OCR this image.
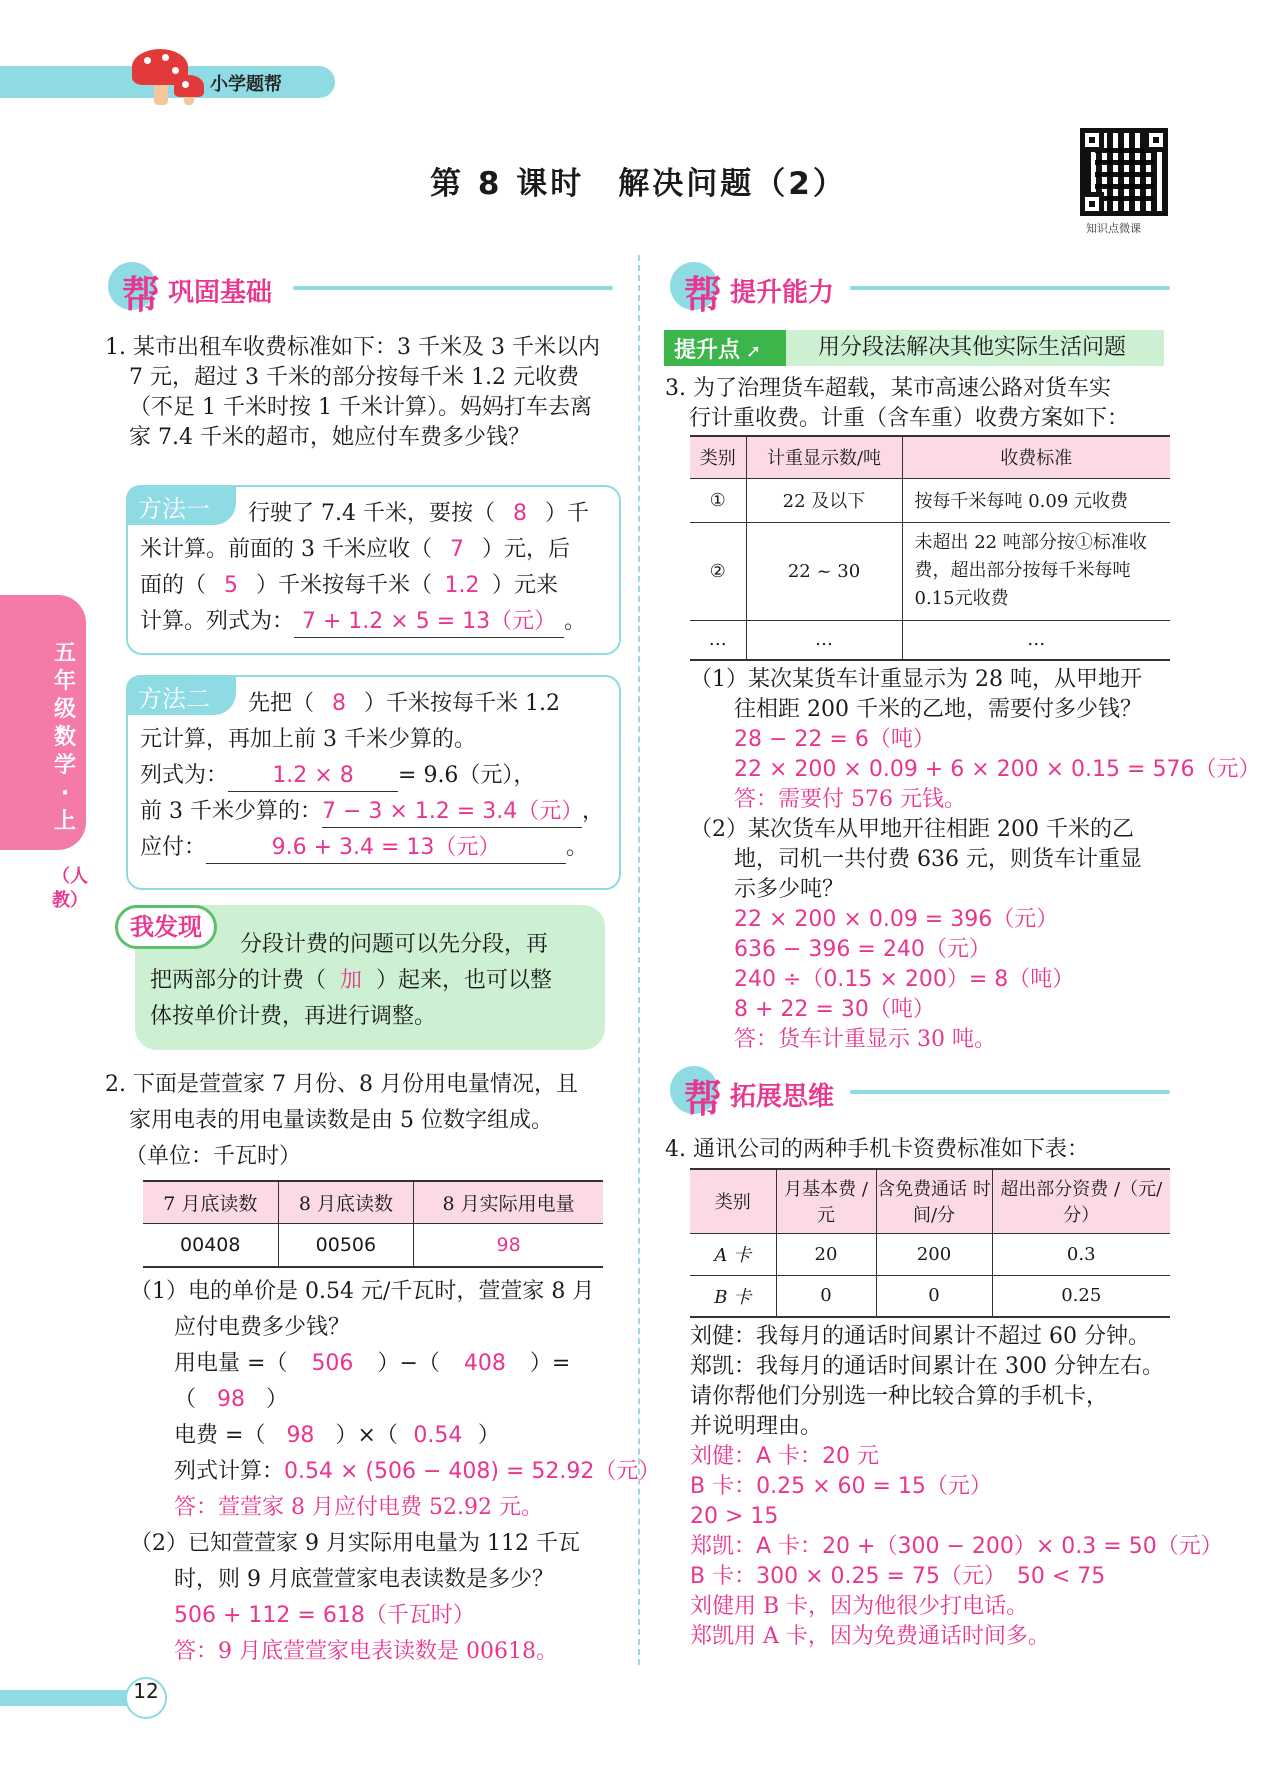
小学题帮
第 8 课时　解决问题（2）
知识点微课
五年级数学·上
（人教）
帮 巩固基础
1. 某市出租车收费标准如下：3 千米及 3 千米以内
7 元，超过 3 千米的部分按每千米 1.2 元收费
（不足 1 千米时按 1 千米计算）。妈妈打车去离
家 7.4 千米的超市，她应付车费多少钱？
方法一	行驶了 7.4 千米，要按（ 8 ）千
米计算。前面的 3 千米应收（ 7 ）元，后
面的（ 5 ）千米按每千米（ 1.2 ）元来
计算。列式为： 7 + 1.2 × 5 = 13（元） 。
方法二	先把（ 8 ）千米按每千米 1.2
元计算，再加上前 3 千米少算的。
列式为： 1.2 × 8 = 9.6（元），
前 3 千米少算的：7 − 3 × 1.2 = 3.4（元），
应付：	9.6 + 3.4 = 13（元）	。
我发现
分段计费的问题可以先分段，再
把两部分的计费（ 加 ）起来，也可以整
体按单价计费，再进行调整。
2. 下面是萱萱家 7 月份、8 月份用电量情况，且
家用电表的用电量读数是由 5 位数字组成。
（单位：千瓦时）
7 月底读数	8 月底读数	8 月实际用电量
00408	00506	98
（1）电的单价是 0.54 元/千瓦时，萱萱家 8 月
应付电费多少钱？
用电量 =（ 506 ）−（ 408 ）=
（ 98 ）
电费 =（ 98 ）×（ 0.54 ）
列式计算：0.54 × (506 − 408) = 52.92（元）
答：萱萱家 8 月应付电费 52.92 元。
（2）已知萱萱家 9 月实际用电量为 112 千瓦
时，则 9 月底萱萱家电表读数是多少？
506 + 112 = 618（千瓦时）
答：9 月底萱萱家电表读数是 00618。
帮 提升能力
提升点 ➚	用分段法解决其他实际生活问题
3. 为了治理货车超载，某市高速公路对货车实
行计重收费。计重（含车重）收费方案如下：
类别	计重显示数/吨	收费标准
①	22 及以下	按每千米每吨 0.09 元收费
②	22 ~ 30	未超出 22 吨部分按①标准收费，超出部分按每千米每吨 0.15元收费
…	…	…
（1）某次某货车计重显示为 28 吨，从甲地开
往相距 200 千米的乙地，需要付多少钱？
28 − 22 = 6（吨）
22 × 200 × 0.09 + 6 × 200 × 0.15 = 576（元）
答：需要付 576 元钱。
（2）某次货车从甲地开往相距 200 千米的乙
地，司机一共付费 636 元，则货车计重显
示多少吨？
22 × 200 × 0.09 = 396（元）
636 − 396 = 240（元）
240 ÷（0.15 × 200）= 8（吨）
8 + 22 = 30（吨）
答：货车计重显示 30 吨。
帮 拓展思维
4. 通讯公司的两种手机卡资费标准如下表：
类别	月基本费 /元	含免费通话 时间/分	超出部分资费 /（元/分）
A 卡	20	200	0.3
B 卡	0	0	0.25
刘健：我每月的通话时间累计不超过 60 分钟。
郑凯：我每月的通话时间累计在 300 分钟左右。
请你帮他们分别选一种比较合算的手机卡，
并说明理由。
刘健：A 卡：20 元
B 卡：0.25 × 60 = 15（元）
20 > 15
郑凯：A 卡：20 +（300 − 200）× 0.3 = 50（元）
B 卡：300 × 0.25 = 75（元）　50 < 75
刘健用 B 卡，因为他很少打电话。
郑凯用 A 卡，因为免费通话时间多。
12
